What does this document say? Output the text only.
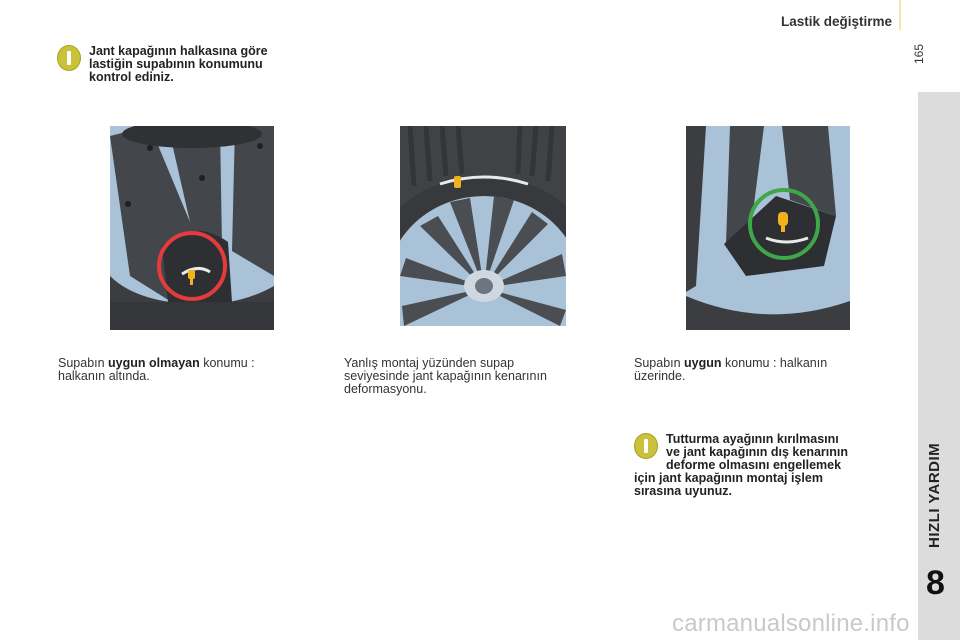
Lastik değiştirme
165
HIZLI YARDIM
8
Jant kapağının halkasına göre
lastiğin supabının konumunu
kontrol ediniz.
Supabın uygun olmayan konumu :
halkanın altında.
Yanlış montaj yüzünden supap
seviyesinde jant kapağının kenarının
deformasyonu.
Supabın uygun konumu : halkanın
üzerinde.
Tutturma ayağının kırılmasını
ve jant kapağının dış kenarının
deforme olmasını engellemek
için jant kapağının montaj işlem
sırasına uyunuz.
carmanualsonline.info
